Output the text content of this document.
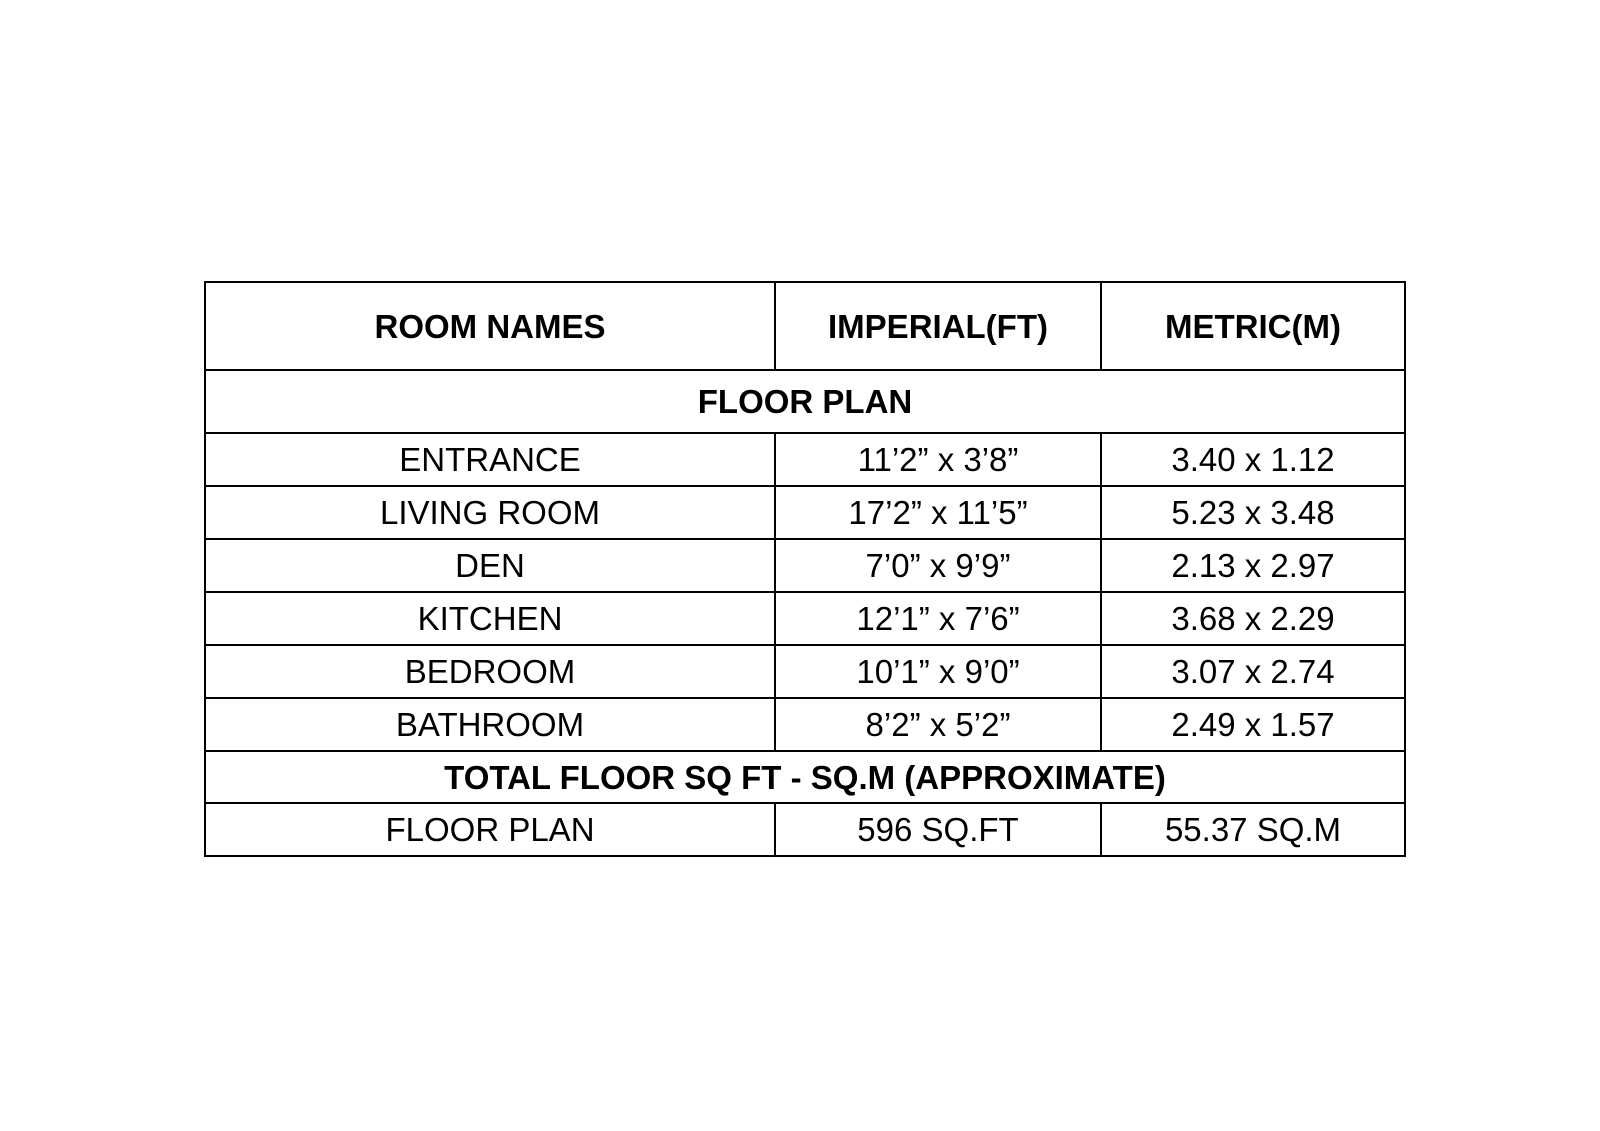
ROOM NAMES	IMPERIAL(FT)	METRIC(M)
FLOOR PLAN		
ENTRANCE	11’2” x 3’8”	3.40 x 1.12
LIVING ROOM	17’2” x 11’5”	5.23 x 3.48
DEN	7’0” x 9’9”	2.13 x 2.97
KITCHEN	12’1” x 7’6”	3.68 x 2.29
BEDROOM	10’1” x 9’0”	3.07 x 2.74
BATHROOM	8’2” x 5’2”	2.49 x 1.57
TOTAL FLOOR SQ FT - SQ.M (APPROXIMATE)		
FLOOR PLAN	596 SQ.FT	55.37 SQ.M
